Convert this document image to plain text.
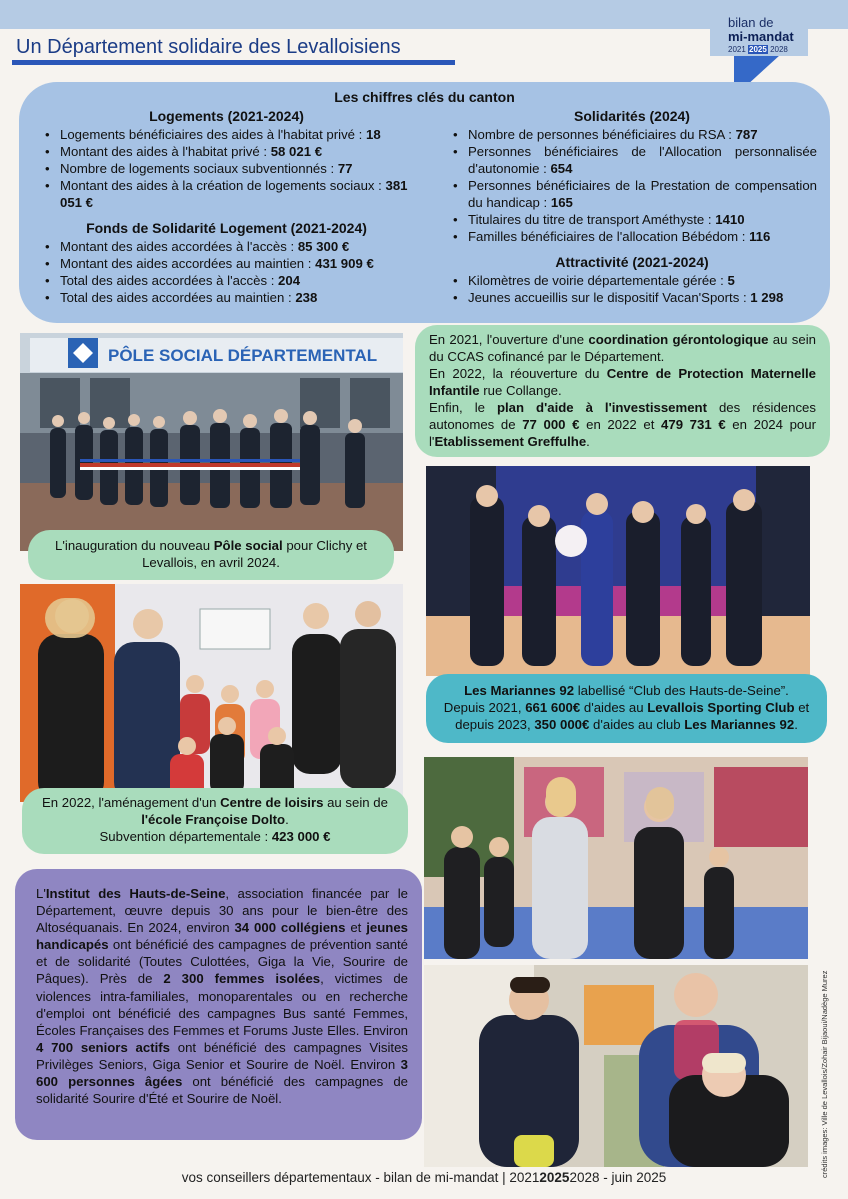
Un Département solidaire des Levalloisiens
bilan de
mi-mandat
2021 2025 2028
Les chiffres clés du canton
Logements (2021-2024)
• Logements bénéficiaires des aides à l'habitat privé : 18
• Montant des aides à l'habitat privé : 58 021 €
• Nombre de logements sociaux subventionnés : 77
• Montant des aides à la création de logements sociaux : 381 051 €
Fonds de Solidarité Logement (2021-2024)
• Montant des aides accordées à l'accès : 85 300 €
• Montant des aides accordées au maintien : 431 909 €
• Total des aides accordées à l'accès : 204
• Total des aides accordées au maintien : 238
Solidarités (2024)
• Nombre de personnes bénéficiaires du RSA : 787
• Personnes bénéficiaires de l'Allocation personnalisée d'autonomie : 654
• Personnes bénéficiaires de la Prestation de compensation du handicap : 165
• Titulaires du titre de transport Améthyste : 1410
• Familles bénéficiaires de l'allocation Bébédom : 116
Attractivité (2021-2024)
• Kilomètres de voirie départementale gérée : 5
• Jeunes accueillis sur le dispositif Vacan'Sports : 1 298
PÔLE SOCIAL DÉPARTEMENTAL
L'inauguration du nouveau Pôle social pour Clichy et Levallois, en avril 2024.
En 2021, l'ouverture d'une coordination gérontologique au sein du CCAS cofinancé par le Département.
En 2022, la réouverture du Centre de Protection Maternelle Infantile rue Collange.
Enfin, le plan d'aide à l'investissement des résidences autonomes de 77 000 € en 2022 et 479 731 € en 2024 pour l'Etablissement Greffulhe.
Les Mariannes 92 labellisé “Club des Hauts-de-Seine”.
Depuis 2021, 661 600€ d'aides au Levallois Sporting Club et
depuis 2023, 350 000€ d'aides au club Les Mariannes 92.
En 2022, l'aménagement d'un Centre de loisirs au sein de
l'école Françoise Dolto.
Subvention départementale : 423 000 €
L'Institut des Hauts-de-Seine, association financée par le Département, œuvre depuis 30 ans pour le bien-être des Altoséquanais. En 2024, environ 34 000 collégiens et jeunes handicapés ont bénéficié des campagnes de prévention santé et de solidarité (Toutes Culottées, Giga la Vie, Sourire de Pâques). Près de 2 300 femmes isolées, victimes de violences intra-familiales, monoparentales ou en recherche d'emploi ont bénéficié des campagnes Bus santé Femmes, Écoles Françaises des Femmes et Forums Juste Elles. Environ 4 700 seniors actifs ont bénéficié des campagnes Visites Privilèges Seniors, Giga Senior et Sourire de Noël. Environ 3 600 personnes âgées ont bénéficié des campagnes de solidarité Sourire d'Été et Sourire de Noël.
vos conseillers départementaux - bilan de mi-mandat | 202120252028 - juin 2025	crédits images: Ville de Levallois/Zohair Bijaoui/Nadège Murez
